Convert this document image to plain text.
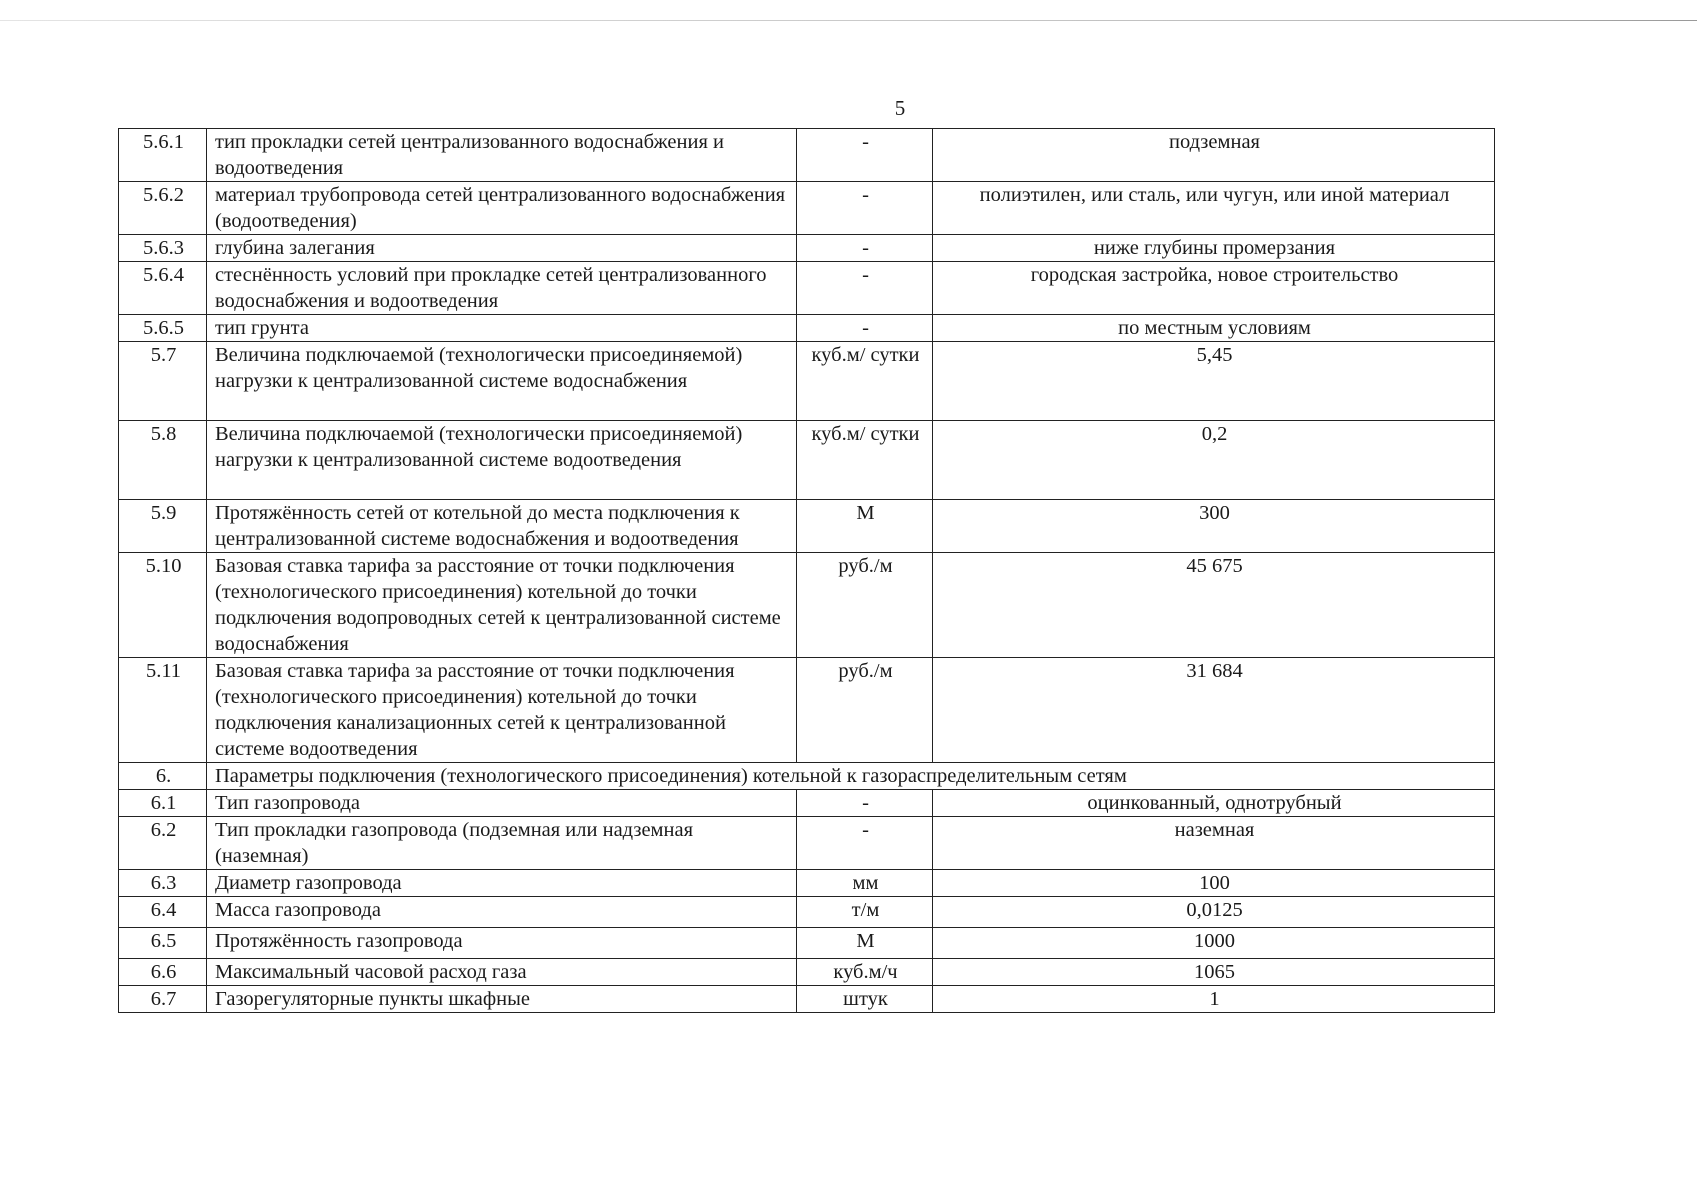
5
5.6.1	тип прокладки сетей централизованного водоснабжения и водоотведения	-	подземная
5.6.2	материал трубопровода сетей централизованного водоснабжения (водоотведения)	-	полиэтилен, или сталь, или чугун, или иной материал
5.6.3	глубина залегания	-	ниже глубины промерзания
5.6.4	стеснённость условий при прокладке сетей централизованного водоснабжения и водоотведения	-	городская застройка, новое строительство
5.6.5	тип грунта	-	по местным условиям
5.7	Величина подключаемой (технологически присоединяемой) нагрузки к централизованной системе водоснабжения	куб.м/ сутки	5,45
5.8	Величина подключаемой (технологически присоединяемой) нагрузки к централизованной системе водоотведения	куб.м/ сутки	0,2
5.9	Протяжённость сетей от котельной до места подключения к централизованной системе водоснабжения и водоотведения	М	300
5.10	Базовая ставка тарифа за расстояние от точки подключения (технологического присоединения) котельной до точки подключения водопроводных сетей к централизованной системе водоснабжения	руб./м	45 675
5.11	Базовая ставка тарифа за расстояние от точки подключения (технологического присоединения) котельной до точки подключения канализационных сетей к централизованной системе водоотведения	руб./м	31 684
6.	Параметры подключения (технологического присоединения) котельной к газораспределительным сетям		
6.1	Тип газопровода	-	оцинкованный, однотрубный
6.2	Тип прокладки газопровода (подземная или надземная (наземная)	-	наземная
6.3	Диаметр газопровода	мм	100
6.4	Масса газопровода	т/м	0,0125
6.5	Протяжённость газопровода	М	1000
6.6	Максимальный часовой расход газа	куб.м/ч	1065
6.7	Газорегуляторные пункты шкафные	штук	1
